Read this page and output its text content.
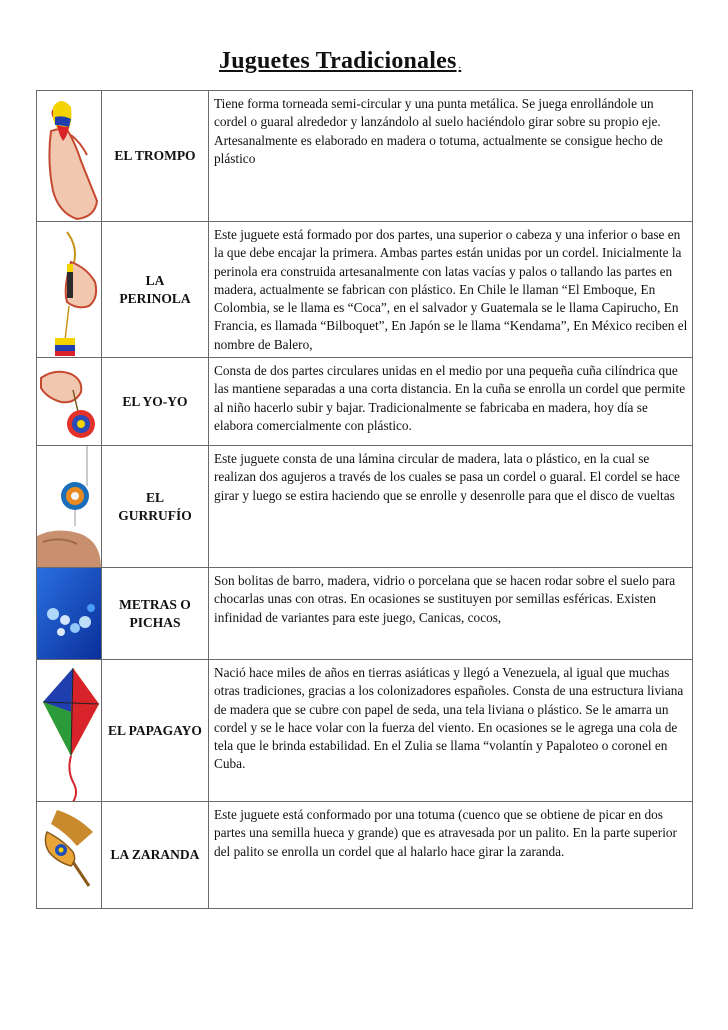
Juguetes Tradicionales .

EL TROMPO	Tiene forma torneada semi-circular y una punta metálica. Se juega enrollándole un cordel o guaral alrededor y lanzándolo al suelo haciéndolo girar sobre su propio eje. Artesanalmente es elaborado en madera o totuma, actualmente se consigue hecho de plástico

LA PERINOLA	Este juguete está formado por dos partes, una superior o cabeza y una inferior o base en la que debe encajar la primera. Ambas partes están unidas por un cordel. Inicialmente la perinola era construida artesanalmente con latas vacías y palos o tallando las partes en madera, actualmente se fabrican con plástico. En Chile le llaman “El Emboque, En Colombia, se le llama es “Coca”, en el salvador y Guatemala se le llama Capirucho, En Francia, es llamada “Bilboquet”, En Japón se le llama “Kendama”, En México reciben el nombre de Balero,

EL YO-YO	Consta de dos partes circulares unidas en el medio por una pequeña cuña cilíndrica que las mantiene separadas a una corta distancia. En la cuña se enrolla un cordel que permite al niño hacerlo subir y bajar. Tradicionalmente se fabricaba en madera, hoy día se elabora comercialmente con plástico.

EL GURRUFÍO	Este juguete consta de una lámina circular de madera, lata o plástico, en la cual se realizan dos agujeros a través de los cuales se pasa un cordel o guaral. El cordel se hace girar y luego se estira haciendo que se enrolle y desenrolle para que el disco de vueltas

METRAS O PICHAS	Son bolitas de barro, madera, vidrio o porcelana que se hacen rodar sobre el suelo para chocarlas unas con otras. En ocasiones se sustituyen por semillas esféricas. Existen infinidad de variantes para este juego, Canicas, cocos,

EL PAPAGAYO	Nació hace miles de años en tierras asiáticas y llegó a Venezuela, al igual que muchas otras tradiciones, gracias a los colonizadores españoles. Consta de una estructura liviana de madera que se cubre con papel de seda, una tela liviana o plástico. Se le amarra un cordel y se le hace volar con la fuerza del viento. En ocasiones se le agrega una cola de tela que le brinda estabilidad. En el Zulia se llama “volantín y Papaloteo o coronel en Cuba.

LA ZARANDA	Este juguete está conformado por una totuma (cuenco que se obtiene de picar en dos partes una semilla hueca y grande) que es atravesada por un palito. En la parte superior del palito se enrolla un cordel que al halarlo hace girar la zaranda.
